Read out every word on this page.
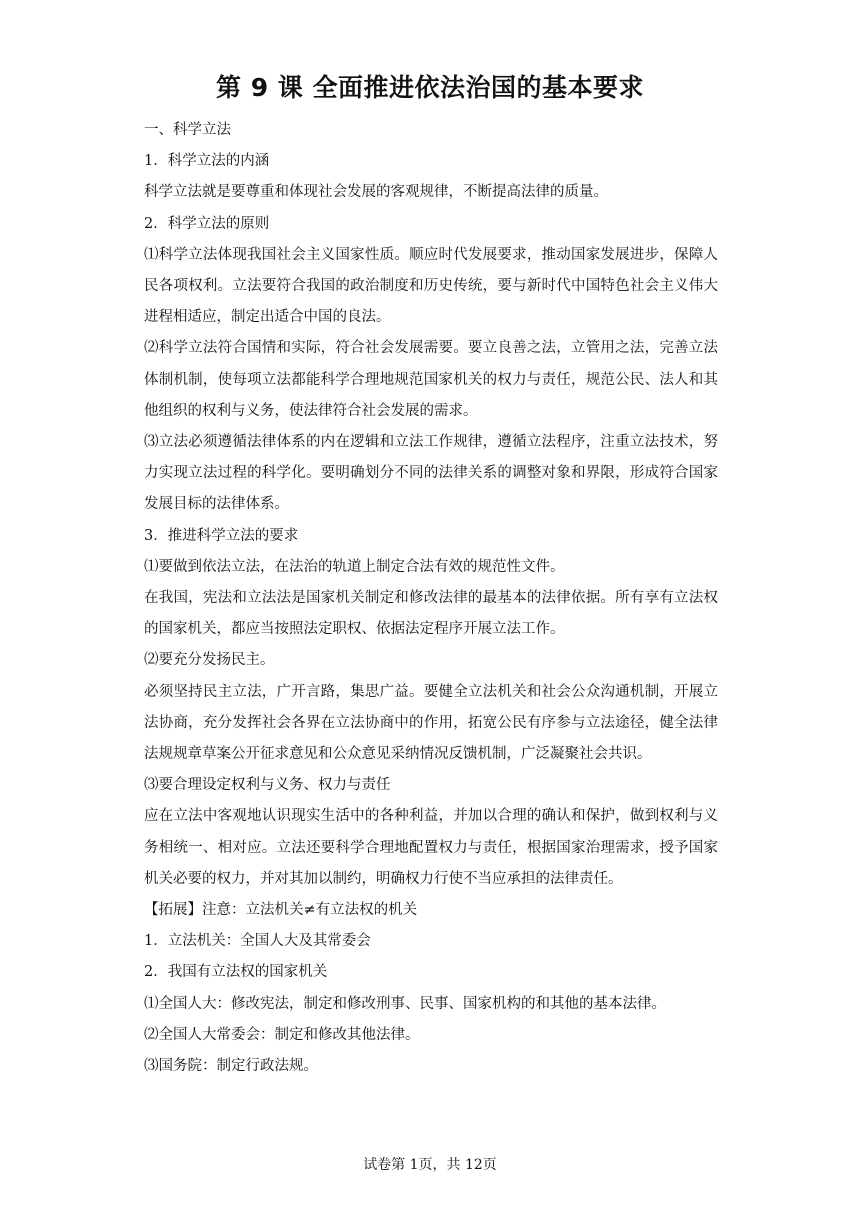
第 9 课 全面推进依法治国的基本要求

一、科学立法

1．科学立法的内涵

科学立法就是要尊重和体现社会发展的客观规律，不断提高法律的质量。

2．科学立法的原则

⑴科学立法体现我国社会主义国家性质。顺应时代发展要求，推动国家发展进步，保障人民各项权利。立法要符合我国的政治制度和历史传统，要与新时代中国特色社会主义伟大进程相适应，制定出适合中国的良法。

⑵科学立法符合国情和实际，符合社会发展需要。要立良善之法，立管用之法，完善立法体制机制，使每项立法都能科学合理地规范国家机关的权力与责任，规范公民、法人和其他组织的权利与义务，使法律符合社会发展的需求。

⑶立法必须遵循法律体系的内在逻辑和立法工作规律，遵循立法程序，注重立法技术，努力实现立法过程的科学化。要明确划分不同的法律关系的调整对象和界限，形成符合国家发展目标的法律体系。

3．推进科学立法的要求

⑴要做到依法立法，在法治的轨道上制定合法有效的规范性文件。

在我国，宪法和立法法是国家机关制定和修改法律的最基本的法律依据。所有享有立法权的国家机关，都应当按照法定职权、依据法定程序开展立法工作。

⑵要充分发扬民主。

必须坚持民主立法，广开言路，集思广益。要健全立法机关和社会公众沟通机制，开展立法协商，充分发挥社会各界在立法协商中的作用，拓宽公民有序参与立法途径，健全法律法规规章草案公开征求意见和公众意见采纳情况反馈机制，广泛凝聚社会共识。

⑶要合理设定权利与义务、权力与责任

应在立法中客观地认识现实生活中的各种利益，并加以合理的确认和保护，做到权利与义务相统一、相对应。立法还要科学合理地配置权力与责任，根据国家治理需求，授予国家机关必要的权力，并对其加以制约，明确权力行使不当应承担的法律责任。

【拓展】注意：立法机关≠有立法权的机关

1．立法机关：全国人大及其常委会

2．我国有立法权的国家机关

⑴全国人大：修改宪法，制定和修改刑事、民事、国家机构的和其他的基本法律。

⑵全国人大常委会：制定和修改其他法律。

⑶国务院：制定行政法规。

试卷第 1页，共 12页
